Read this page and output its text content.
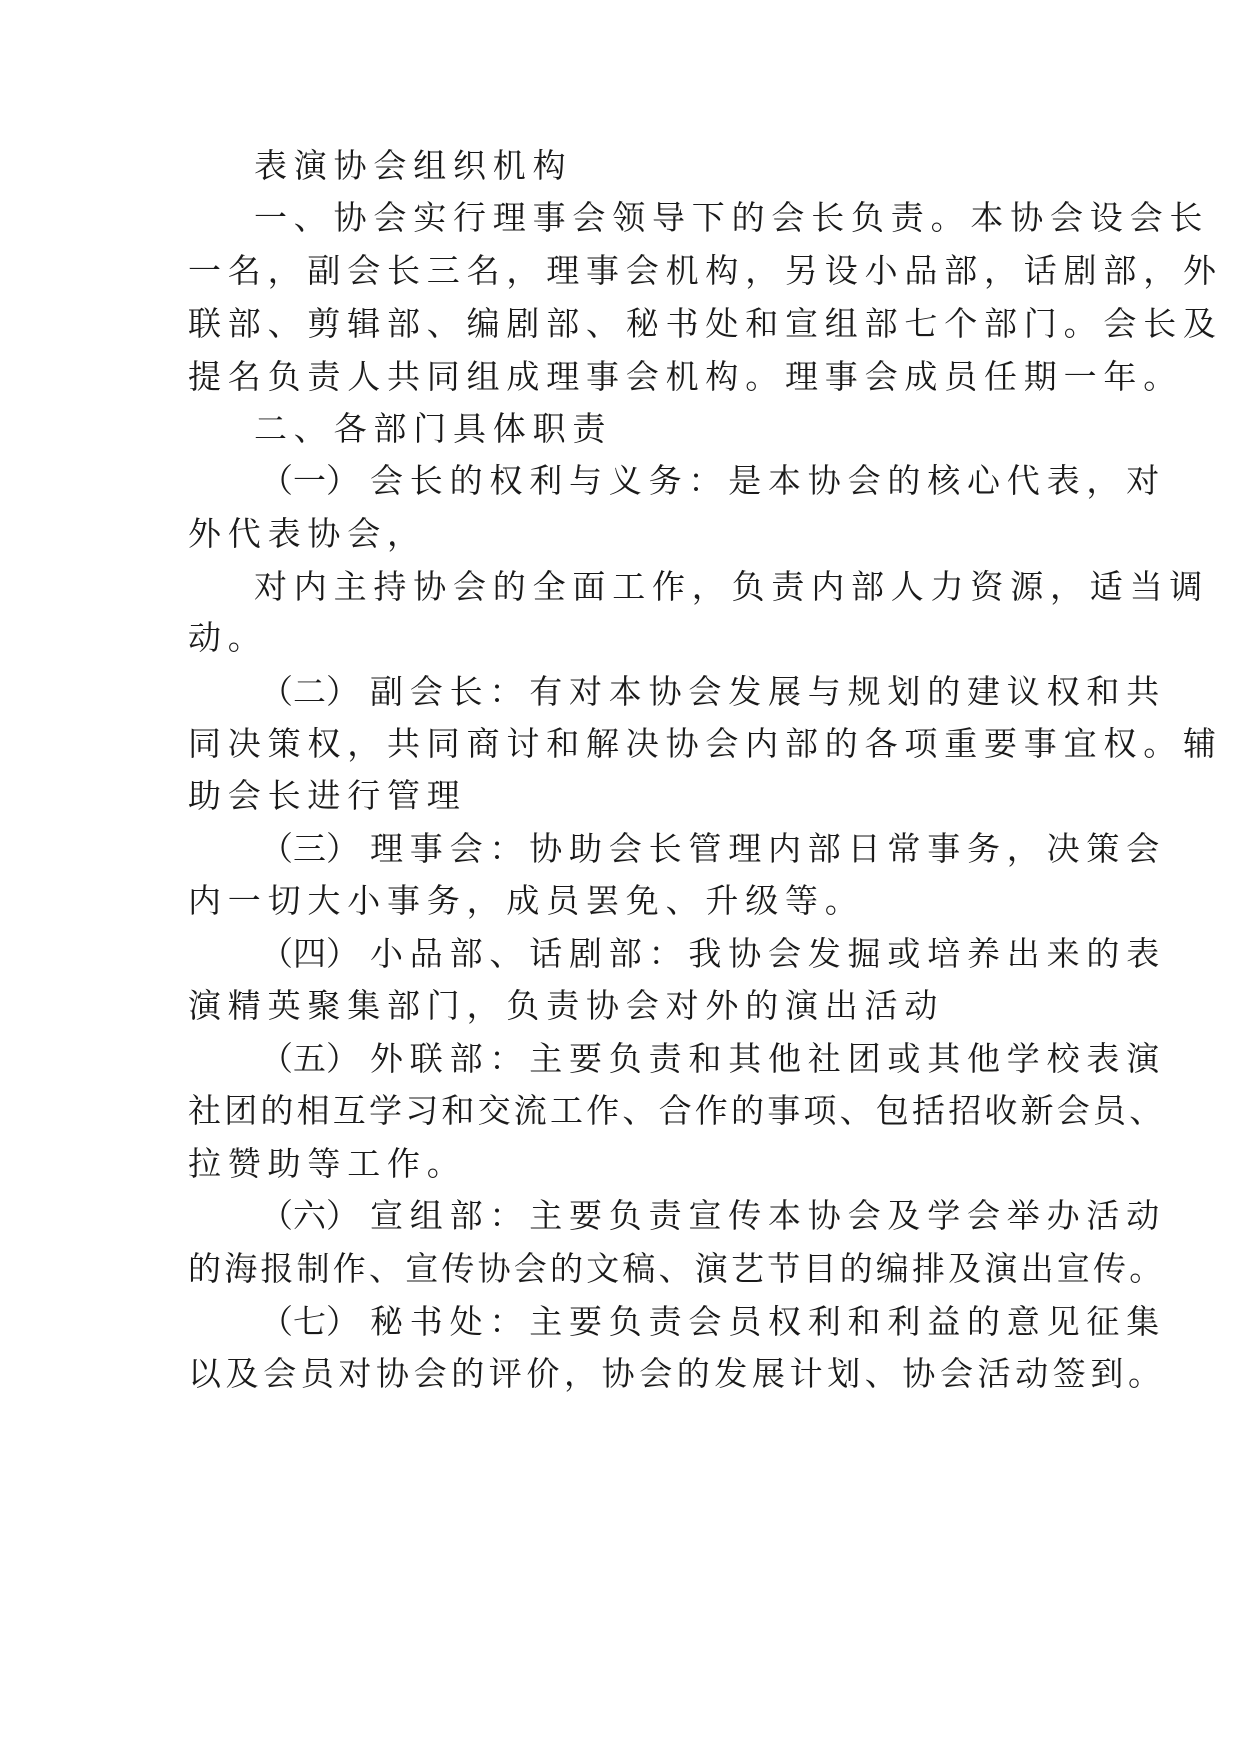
表演协会组织机构
一、协会实行理事会领导下的会长负责。本协会设会长
一名，副会长三名，理事会机构，另设小品部，话剧部，外
联部、剪辑部、编剧部、秘书处和宣组部七个部门。会长及
提名负责人共同组成理事会机构。理事会成员任期一年。
二、各部门具体职责
（一） 会长的权利与义务：是本协会的核心代表，对
外代表协会，
对内主持协会的全面工作，负责内部人力资源，适当调
动。
（二） 副会长：有对本协会发展与规划的建议权和共
同决策权，共同商讨和解决协会内部的各项重要事宜权。辅
助会长进行管理
（三） 理事会：协助会长管理内部日常事务，决策会
内一切大小事务，成员罢免、升级等。
（四） 小品部、话剧部：我协会发掘或培养出来的表
演精英聚集部门，负责协会对外的演出活动
（五） 外联部：主要负责和其他社团或其他学校表演
社团的相互学习和交流工作、合作的事项、包括招收新会员、
拉赞助等工作。
（六） 宣组部：主要负责宣传本协会及学会举办活动
的海报制作、宣传协会的文稿、演艺节目的编排及演出宣传。
（七） 秘书处：主要负责会员权利和利益的意见征集
以及会员对协会的评价，协会的发展计划、协会活动签到。
